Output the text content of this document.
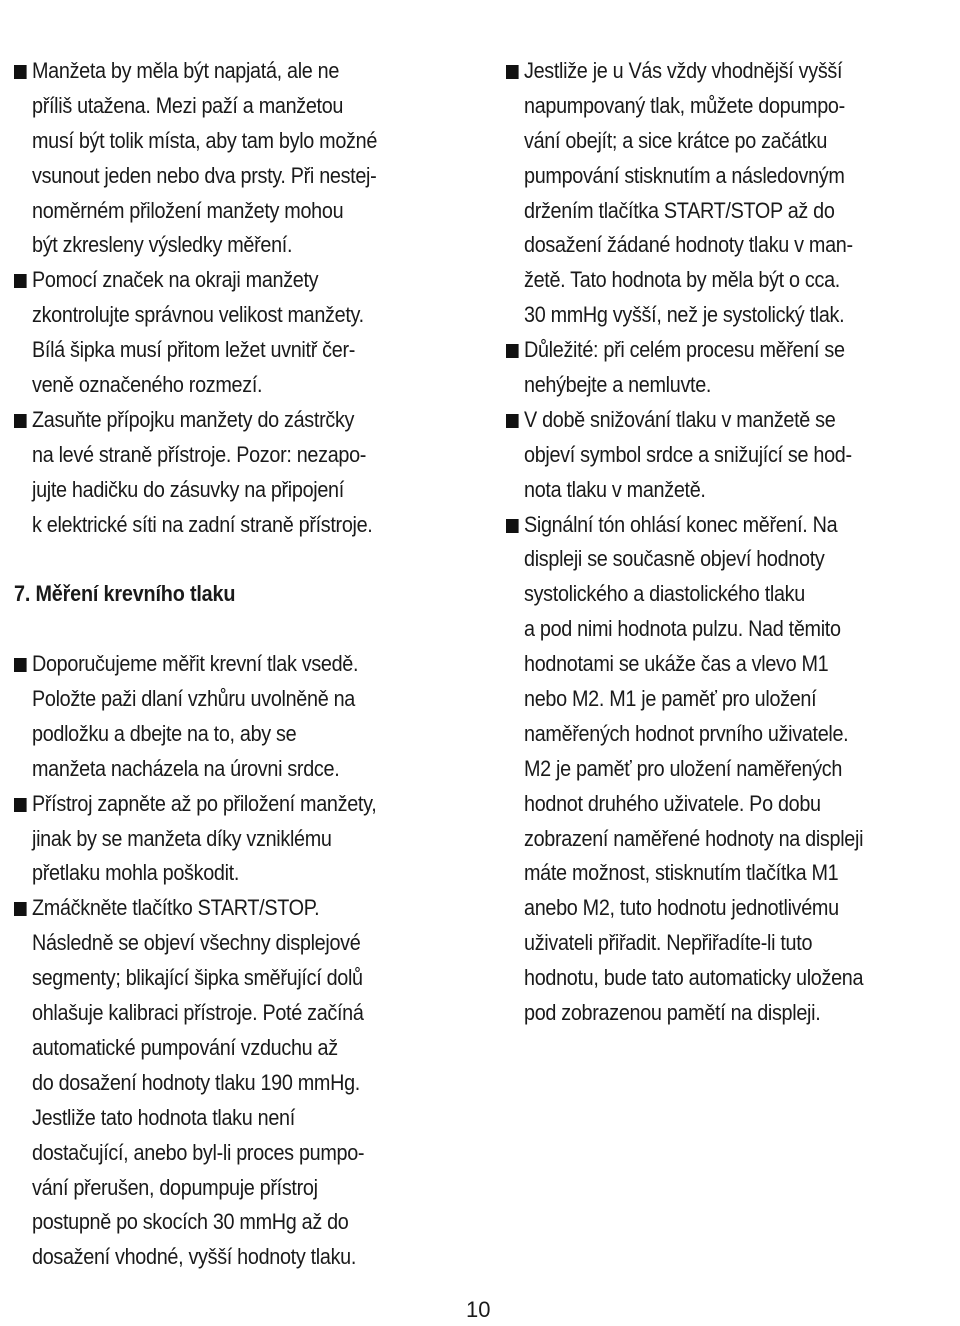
Manžeta by měla být napjatá, ale ne
příliš utažena. Mezi paží a manžetou
musí být tolik místa, aby tam bylo možné
vsunout jeden nebo dva prsty. Při nestej-
noměrném přiložení manžety mohou
být zkresleny výsledky měření.
Pomocí značek na okraji manžety
zkontrolujte správnou velikost manžety.
Bílá šipka musí přitom ležet uvnitř čer-
veně označeného rozmezí.
Zasuňte přípojku manžety do zástrčky
na levé straně přístroje. Pozor: nezapo-
jujte hadičku do zásuvky na připojení
k elektrické síti na zadní straně přístroje.
7. Měření krevního tlaku
Doporučujeme měřit krevní tlak vsedě.
Položte paži dlaní vzhůru uvolněně na
podložku a dbejte na to, aby se
manžeta nacházela na úrovni srdce.
Přístroj zapněte až po přiložení manžety,
jinak by se manžeta díky vzniklému
přetlaku mohla poškodit.
Zmáčkněte tlačítko START/STOP.
Následně se objeví všechny displejové
segmenty; blikající šipka směřující dolů
ohlašuje kalibraci přístroje. Poté začíná
automatické pumpování vzduchu až
do dosažení hodnoty tlaku 190 mmHg.
Jestliže tato hodnota tlaku není
dostačující, anebo byl-li proces pumpo-
vání přerušen, dopumpuje přístroj
postupně po skocích 30 mmHg až do
dosažení vhodné, vyšší hodnoty tlaku.
Jestliže je u Vás vždy vhodnější vyšší
napumpovaný tlak, můžete dopumpo-
vání obejít; a sice krátce po začátku
pumpování stisknutím a následovným
držením tlačítka START/STOP až do
dosažení žádané hodnoty tlaku v man-
žetě. Tato hodnota by měla být o cca.
30 mmHg vyšší, než je systolický tlak.
Důležité: při celém procesu měření se
nehýbejte a nemluvte.
V době snižování tlaku v manžetě se
objeví symbol srdce a snižující se hod-
nota tlaku v manžetě.
Signální tón ohlásí konec měření. Na
displeji se současně objeví hodnoty
systolického a diastolického tlaku
a pod nimi hodnota pulzu. Nad těmito
hodnotami se ukáže čas a vlevo M1
nebo M2. M1 je paměť pro uložení
naměřených hodnot prvního uživatele.
M2 je paměť pro uložení naměřených
hodnot druhého uživatele. Po dobu
zobrazení naměřené hodnoty na displeji
máte možnost, stisknutím tlačítka M1
anebo M2, tuto hodnotu jednotlivému
uživateli přiřadit. Nepřiřadíte-li tuto
hodnotu, bude tato automaticky uložena
pod zobrazenou pamětí na displeji.
10
